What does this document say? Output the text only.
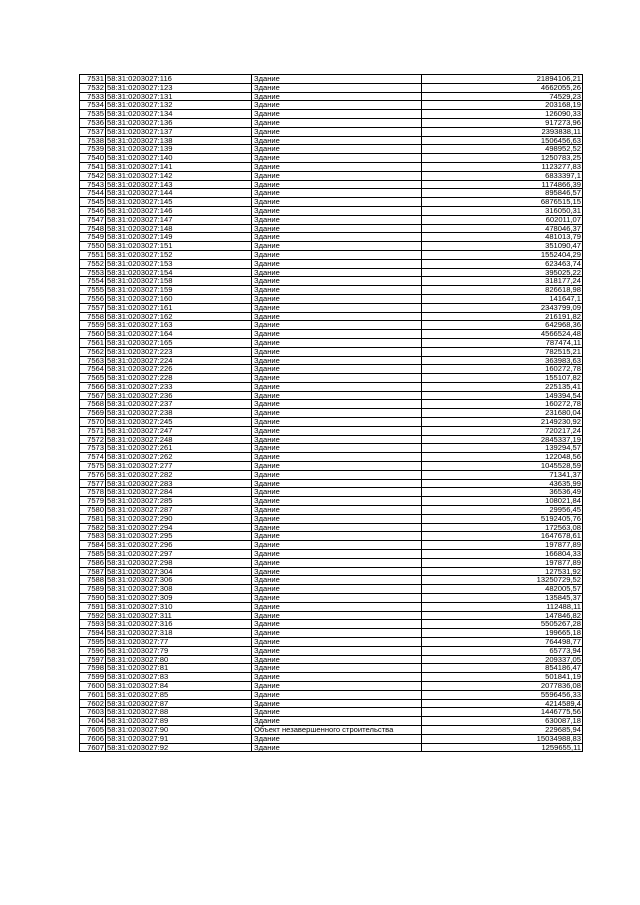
7531	58:31:0203027:116	Здание	21894106,21
7532	58:31:0203027:123	Здание	4662055,26
7533	58:31:0203027:131	Здание	74529,23
7534	58:31:0203027:132	Здание	203168,19
7535	58:31:0203027:134	Здание	126090,33
7536	58:31:0203027:136	Здание	917273,96
7537	58:31:0203027:137	Здание	2393838,11
7538	58:31:0203027:138	Здание	1506456,63
7539	58:31:0203027:139	Здание	498952,52
7540	58:31:0203027:140	Здание	1250783,25
7541	58:31:0203027:141	Здание	1123277,83
7542	58:31:0203027:142	Здание	6833397,1
7543	58:31:0203027:143	Здание	1174866,39
7544	58:31:0203027:144	Здание	895846,57
7545	58:31:0203027:145	Здание	6876515,15
7546	58:31:0203027:146	Здание	316050,31
7547	58:31:0203027:147	Здание	602011,07
7548	58:31:0203027:148	Здание	478046,37
7549	58:31:0203027:149	Здание	481013,79
7550	58:31:0203027:151	Здание	351090,47
7551	58:31:0203027:152	Здание	1552404,29
7552	58:31:0203027:153	Здание	623463,74
7553	58:31:0203027:154	Здание	395025,22
7554	58:31:0203027:158	Здание	318177,24
7555	58:31:0203027:159	Здание	826618,98
7556	58:31:0203027:160	Здание	141647,1
7557	58:31:0203027:161	Здание	2343799,09
7558	58:31:0203027:162	Здание	216191,82
7559	58:31:0203027:163	Здание	642968,36
7560	58:31:0203027:164	Здание	4566524,48
7561	58:31:0203027:165	Здание	787474,11
7562	58:31:0203027:223	Здание	782515,21
7563	58:31:0203027:224	Здание	363983,63
7564	58:31:0203027:226	Здание	160272,78
7565	58:31:0203027:228	Здание	155107,82
7566	58:31:0203027:233	Здание	225135,41
7567	58:31:0203027:236	Здание	149394,54
7568	58:31:0203027:237	Здание	160272,78
7569	58:31:0203027:238	Здание	231680,04
7570	58:31:0203027:245	Здание	2149230,92
7571	58:31:0203027:247	Здание	720217,24
7572	58:31:0203027:248	Здание	2845337,19
7573	58:31:0203027:261	Здание	139294,57
7574	58:31:0203027:262	Здание	122048,56
7575	58:31:0203027:277	Здание	1045528,59
7576	58:31:0203027:282	Здание	71341,37
7577	58:31:0203027:283	Здание	43635,99
7578	58:31:0203027:284	Здание	36536,49
7579	58:31:0203027:285	Здание	108021,84
7580	58:31:0203027:287	Здание	29956,45
7581	58:31:0203027:290	Здание	5192405,76
7582	58:31:0203027:294	Здание	172563,08
7583	58:31:0203027:295	Здание	1647678,61
7584	58:31:0203027:296	Здание	197877,89
7585	58:31:0203027:297	Здание	166804,33
7586	58:31:0203027:298	Здание	197877,89
7587	58:31:0203027:304	Здание	127531,92
7588	58:31:0203027:306	Здание	13250729,52
7589	58:31:0203027:308	Здание	482005,57
7590	58:31:0203027:309	Здание	135845,37
7591	58:31:0203027:310	Здание	112488,11
7592	58:31:0203027:311	Здание	147846,82
7593	58:31:0203027:316	Здание	5505267,28
7594	58:31:0203027:318	Здание	199665,18
7595	58:31:0203027:77	Здание	764498,77
7596	58:31:0203027:79	Здание	65773,94
7597	58:31:0203027:80	Здание	209337,05
7598	58:31:0203027:81	Здание	854186,47
7599	58:31:0203027:83	Здание	501841,19
7600	58:31:0203027:84	Здание	2077836,08
7601	58:31:0203027:85	Здание	5596456,33
7602	58:31:0203027:87	Здание	4214589,4
7603	58:31:0203027:88	Здание	1446775,56
7604	58:31:0203027:89	Здание	630087,18
7605	58:31:0203027:90	Объект незавершенного строительства	229685,94
7606	58:31:0203027:91	Здание	15034988,83
7607	58:31:0203027:92	Здание	1259655,11
